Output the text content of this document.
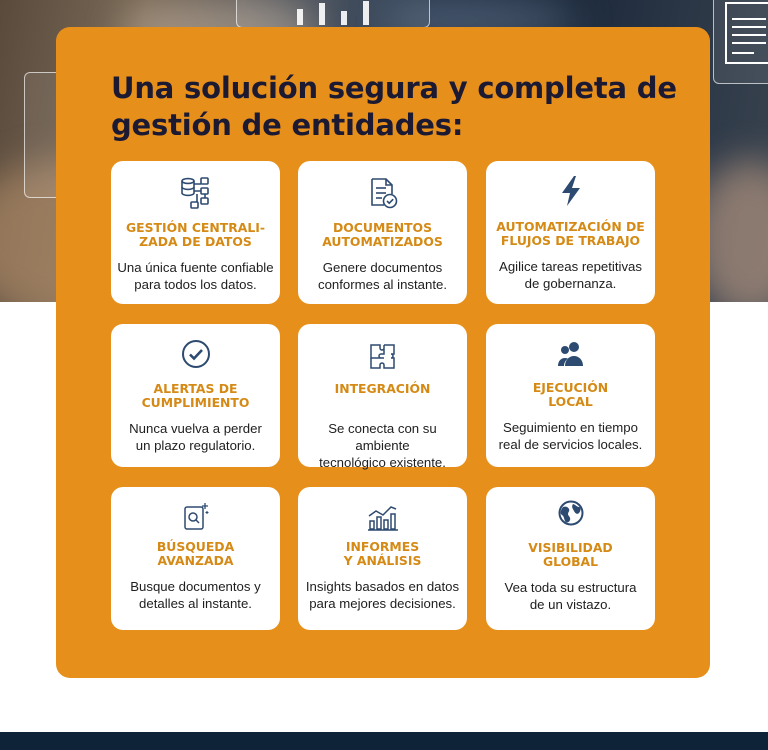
Una solución segura y completa de gestión de entidades:
GESTIÓN CENTRALI-
ZADA DE DATOS
Una única fuente confiable
para todos los datos.
DOCUMENTOS
AUTOMATIZADOS
Genere documentos
conformes al instante.
AUTOMATIZACIÓN DE
FLUJOS DE TRABAJO
Agilice tareas repetitivas
de gobernanza.
ALERTAS DE
CUMPLIMIENTO
Nunca vuelva a perder
un plazo regulatorio.
INTEGRACIÓN
Se conecta con su ambiente
tecnológico existente.
EJECUCIÓN
LOCAL
Seguimiento en tiempo
real de servicios locales.
BÚSQUEDA
AVANZADA
Busque documentos y
detalles al instante.
INFORMES
Y ANÁLISIS
Insights basados en datos
para mejores decisiones.
VISIBILIDAD
GLOBAL
Vea toda su estructura
de un vistazo.
